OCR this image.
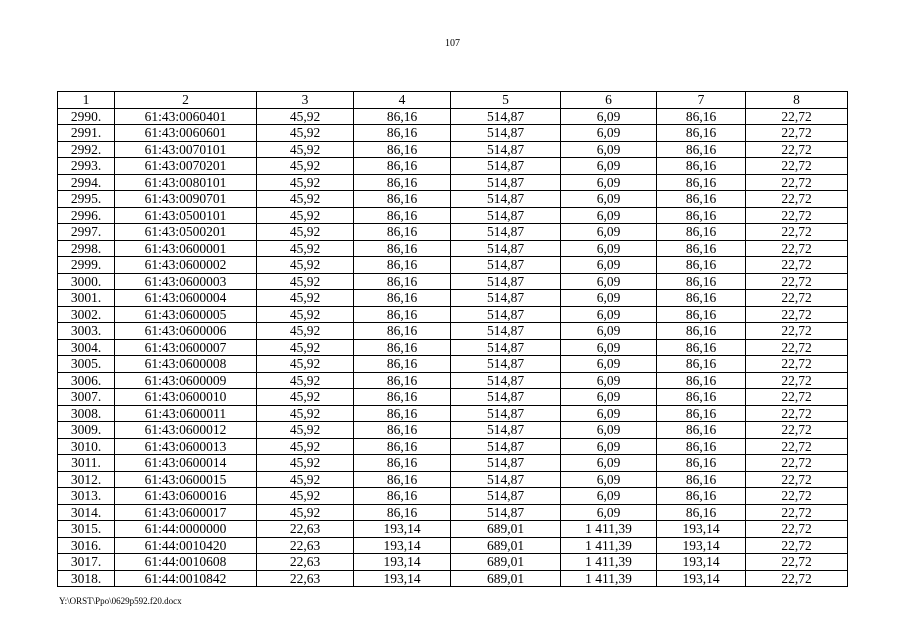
107
1	2	3	4	5	6	7	8
2990.	61:43:0060401	45,92	86,16	514,87	6,09	86,16	22,72
2991.	61:43:0060601	45,92	86,16	514,87	6,09	86,16	22,72
2992.	61:43:0070101	45,92	86,16	514,87	6,09	86,16	22,72
2993.	61:43:0070201	45,92	86,16	514,87	6,09	86,16	22,72
2994.	61:43:0080101	45,92	86,16	514,87	6,09	86,16	22,72
2995.	61:43:0090701	45,92	86,16	514,87	6,09	86,16	22,72
2996.	61:43:0500101	45,92	86,16	514,87	6,09	86,16	22,72
2997.	61:43:0500201	45,92	86,16	514,87	6,09	86,16	22,72
2998.	61:43:0600001	45,92	86,16	514,87	6,09	86,16	22,72
2999.	61:43:0600002	45,92	86,16	514,87	6,09	86,16	22,72
3000.	61:43:0600003	45,92	86,16	514,87	6,09	86,16	22,72
3001.	61:43:0600004	45,92	86,16	514,87	6,09	86,16	22,72
3002.	61:43:0600005	45,92	86,16	514,87	6,09	86,16	22,72
3003.	61:43:0600006	45,92	86,16	514,87	6,09	86,16	22,72
3004.	61:43:0600007	45,92	86,16	514,87	6,09	86,16	22,72
3005.	61:43:0600008	45,92	86,16	514,87	6,09	86,16	22,72
3006.	61:43:0600009	45,92	86,16	514,87	6,09	86,16	22,72
3007.	61:43:0600010	45,92	86,16	514,87	6,09	86,16	22,72
3008.	61:43:0600011	45,92	86,16	514,87	6,09	86,16	22,72
3009.	61:43:0600012	45,92	86,16	514,87	6,09	86,16	22,72
3010.	61:43:0600013	45,92	86,16	514,87	6,09	86,16	22,72
3011.	61:43:0600014	45,92	86,16	514,87	6,09	86,16	22,72
3012.	61:43:0600015	45,92	86,16	514,87	6,09	86,16	22,72
3013.	61:43:0600016	45,92	86,16	514,87	6,09	86,16	22,72
3014.	61:43:0600017	45,92	86,16	514,87	6,09	86,16	22,72
3015.	61:44:0000000	22,63	193,14	689,01	1 411,39	193,14	22,72
3016.	61:44:0010420	22,63	193,14	689,01	1 411,39	193,14	22,72
3017.	61:44:0010608	22,63	193,14	689,01	1 411,39	193,14	22,72
3018.	61:44:0010842	22,63	193,14	689,01	1 411,39	193,14	22,72
Y:\ORST\Ppo\0629p592.f20.docx
